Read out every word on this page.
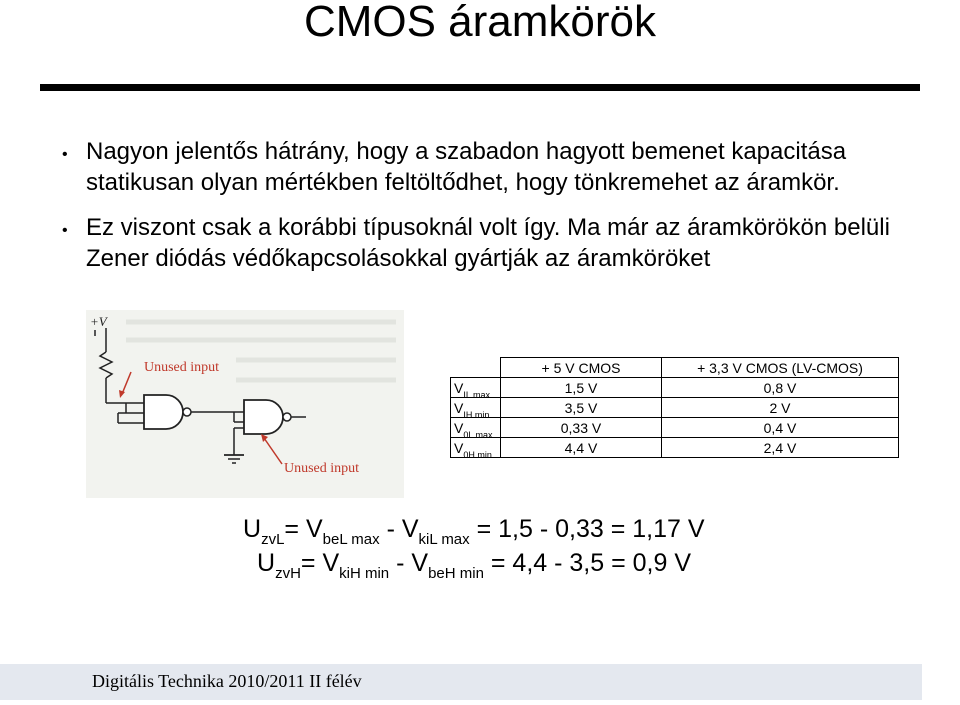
CMOS áramkörök
• Nagyon jelentős hátrány, hogy a szabadon hagyott bemenet kapacitása statikusan olyan mértékben feltöltődhet, hogy tönkremehet az áramkör.
• Ez viszont csak a korábbi típusoknál volt így. Ma már az áramkörökön belüli Zener diódás védőkapcsolásokkal gyártják az áramköröket
+V
Unused input
Unused input
	+ 5 V CMOS	+ 3,3 V CMOS (LV-CMOS)
$V_{IL max}$	1,5 V	0,8 V
$V_{IH min}$	3,5 V	2 V
$V_{0L max}$	0,33 V	0,4 V
$V_{0H min}$	4,4 V	2,4 V
$U_{zvL}= V_{beL max} - V_{kiL max} = 1,5 - 0,33 = 1,17$ V
$U_{zvH}= V_{kiH min} - V_{beH min} = 4,4 - 3,5 = 0,9$ V
Digitális Technika 2010/2011 II félév
